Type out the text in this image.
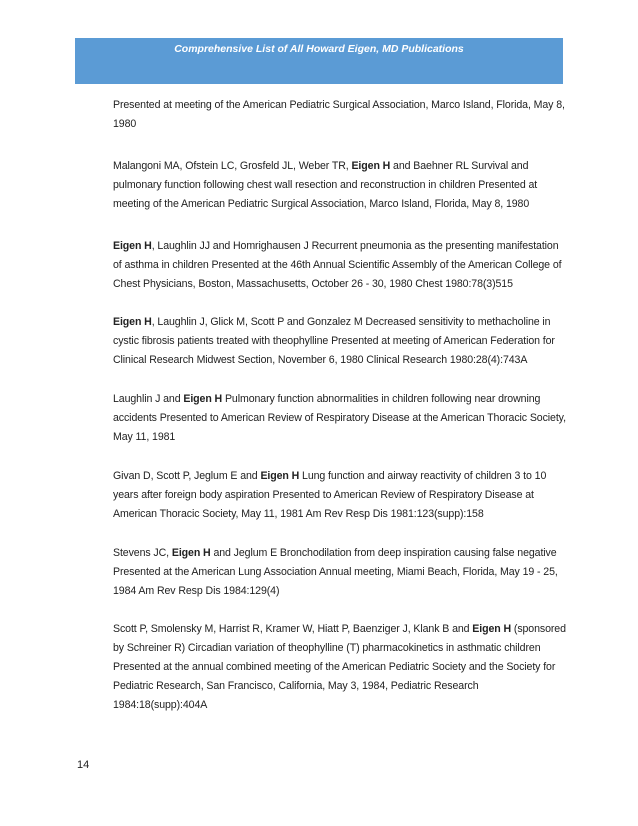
Comprehensive List of All Howard Eigen, MD Publications

Presented at meeting of the American Pediatric Surgical Association, Marco Island, Florida, May 8, 1980

Malangoni MA, Ofstein LC, Grosfeld JL, Weber TR, Eigen H and Baehner RL Survival and pulmonary function following chest wall resection and reconstruction in children Presented at meeting of the American Pediatric Surgical Association, Marco Island, Florida, May 8, 1980

Eigen H, Laughlin JJ and Homrighausen J Recurrent pneumonia as the presenting manifestation of asthma in children Presented at the 46th Annual Scientific Assembly of the American College of Chest Physicians, Boston, Massachusetts, October 26 - 30, 1980 Chest 1980:78(3)515

Eigen H, Laughlin J, Glick M, Scott P and Gonzalez M Decreased sensitivity to methacholine in cystic fibrosis patients treated with theophylline Presented at meeting of American Federation for Clinical Research Midwest Section, November 6, 1980 Clinical Research 1980:28(4):743A

Laughlin J and Eigen H Pulmonary function abnormalities in children following near drowning accidents Presented to American Review of Respiratory Disease at the American Thoracic Society, May 11, 1981

Givan D, Scott P, Jeglum E and Eigen H Lung function and airway reactivity of children 3 to 10 years after foreign body aspiration Presented to American Review of Respiratory Disease at American Thoracic Society, May 11, 1981 Am Rev Resp Dis 1981:123(supp):158

Stevens JC, Eigen H and Jeglum E Bronchodilation from deep inspiration causing false negative Presented at the American Lung Association Annual meeting, Miami Beach, Florida, May 19 - 25, 1984 Am Rev Resp Dis 1984:129(4)

Scott P, Smolensky M, Harrist R, Kramer W, Hiatt P, Baenziger J, Klank B and Eigen H (sponsored by Schreiner R) Circadian variation of theophylline (T) pharmacokinetics in asthmatic children Presented at the annual combined meeting of the American Pediatric Society and the Society for Pediatric Research, San Francisco, California, May 3, 1984, Pediatric Research 1984:18(supp):404A

14
